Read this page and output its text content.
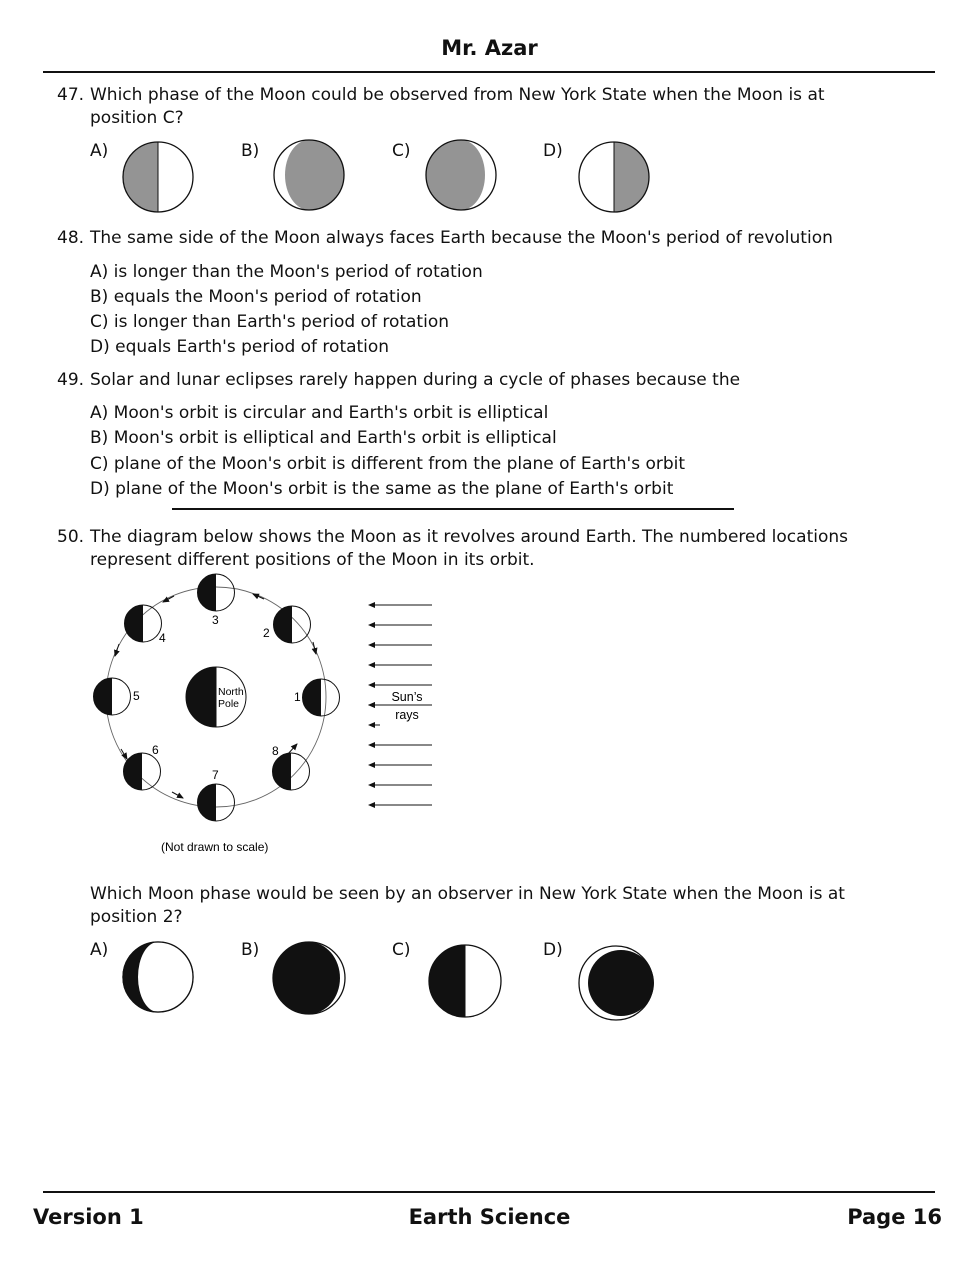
Mr. Azar
47. Which phase of the Moon could be observed from New York State when the Moon is at
position C?
A)	B)	C)	D)
48. The same side of the Moon always faces Earth because the Moon's period of revolution
A) is longer than the Moon's period of rotation
B) equals the Moon's period of rotation
C) is longer than Earth's period of rotation
D) equals Earth's period of rotation
49. Solar and lunar eclipses rarely happen during a cycle of phases because the
A) Moon's orbit is circular and Earth's orbit is elliptical
B) Moon's orbit is elliptical and Earth's orbit is elliptical
C) plane of the Moon's orbit is different from the plane of Earth's orbit
D) plane of the Moon's orbit is the same as the plane of Earth's orbit
50. The diagram below shows the Moon as it revolves around Earth. The numbered locations
represent different positions of the Moon in its orbit.
North
Pole	1
2
3
4
5
6
7
8
Sun’s
rays
(Not drawn to scale)
Which Moon phase would be seen by an observer in New York State when the Moon is at
position 2?
A)	B)	C)	D)
Version 1	Earth Science	Page 16
